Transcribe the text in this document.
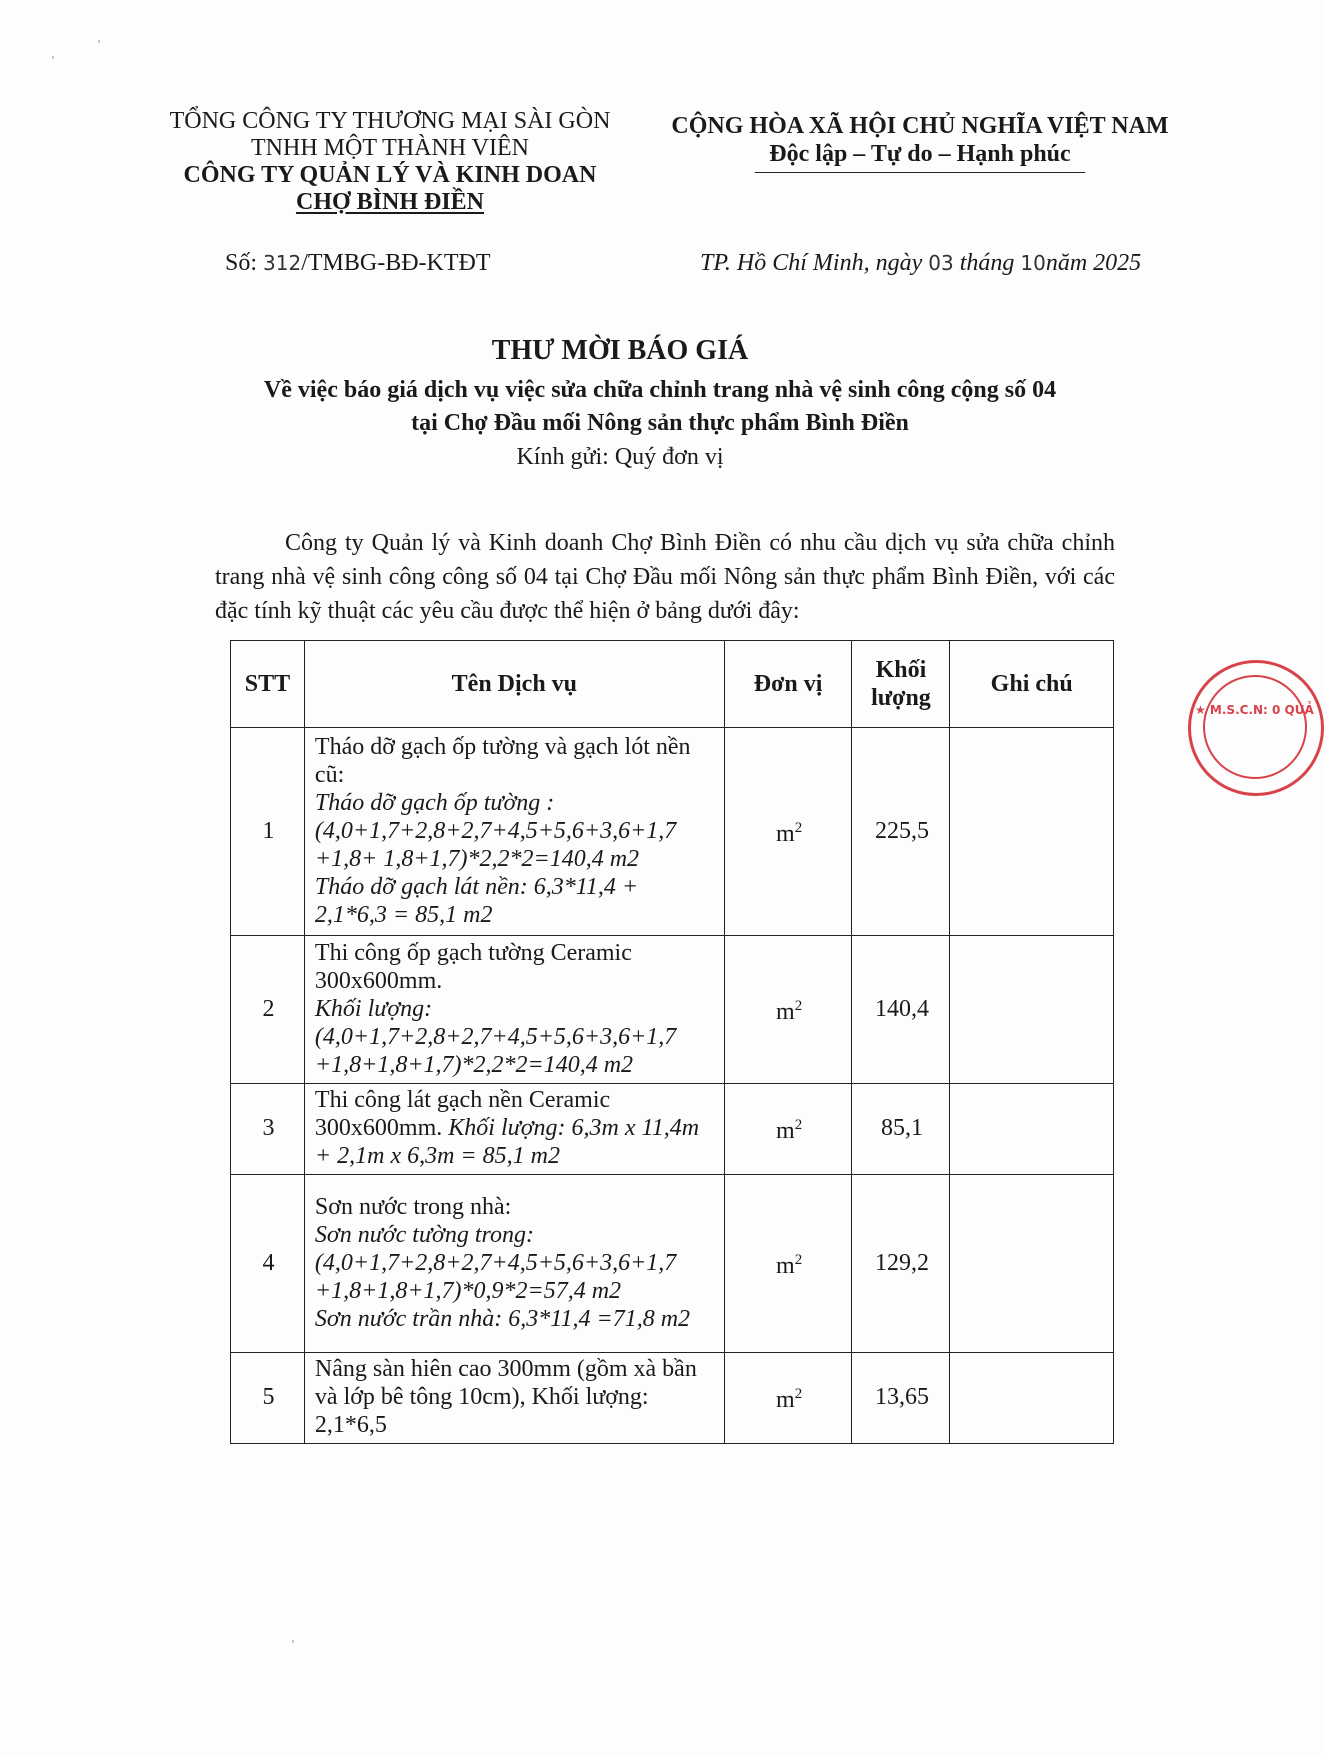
TỔNG CÔNG TY THƯƠNG MẠI SÀI GÒN
TNHH MỘT THÀNH VIÊN
CÔNG TY QUẢN LÝ VÀ KINH DOAN
CHỢ BÌNH ĐIỀN
CỘNG HÒA XÃ HỘI CHỦ NGHĨA VIỆT NAM
Độc lập – Tự do – Hạnh phúc
Số: 312/TMBG-BĐ-KTĐT	TP. Hồ Chí Minh, ngày 03 tháng 10năm 2025
THƯ MỜI BÁO GIÁ
Về việc báo giá dịch vụ việc sửa chữa chỉnh trang nhà vệ sinh công cộng số 04
tại Chợ Đầu mối Nông sản thực phẩm Bình Điền
Kính gửi: Quý đơn vị
Công ty Quản lý và Kinh doanh Chợ Bình Điền có nhu cầu dịch vụ sửa chữa chỉnh trang nhà vệ sinh công công số 04 tại Chợ Đầu mối Nông sản thực phẩm Bình Điền, với các đặc tính kỹ thuật các yêu cầu được thể hiện ở bảng dưới đây:
STT	Tên Dịch vụ	Đơn vị	Khối lượng	Ghi chú
1	Tháo dỡ gạch ốp tường và gạch lót nền cũ:
Tháo dỡ gạch ốp tường : (4,0+1,7+2,8+2,7+4,5+5,6+3,6+1,7 +1,8+ 1,8+1,7)*2,2*2=140,4 m2
Tháo dỡ gạch lát nền: 6,3*11,4 + 2,1*6,3 = 85,1 m2	$m^2$	225,5	
2	Thi công ốp gạch tường Ceramic 300x600mm.
Khối lượng: (4,0+1,7+2,8+2,7+4,5+5,6+3,6+1,7 +1,8+1,8+1,7)*2,2*2=140,4 m2	$m^2$	140,4	
3	Thi công lát gạch nền Ceramic 300x600mm. Khối lượng: 6,3m x 11,4m + 2,1m x 6,3m = 85,1 m2	$m^2$	85,1	
4	Sơn nước trong nhà:
Sơn nước tường trong: (4,0+1,7+2,8+2,7+4,5+5,6+3,6+1,7 +1,8+1,8+1,7)*0,9*2=57,4 m2
Sơn nước trần nhà: 6,3*11,4 =71,8 m2	$m^2$	129,2	
5	Nâng sàn hiên cao 300mm (gồm xà bần và lớp bê tông 10cm), Khối lượng: 2,1*6,5	$m^2$	13,65	
★ M.S.C.N: 0 QUẢ
